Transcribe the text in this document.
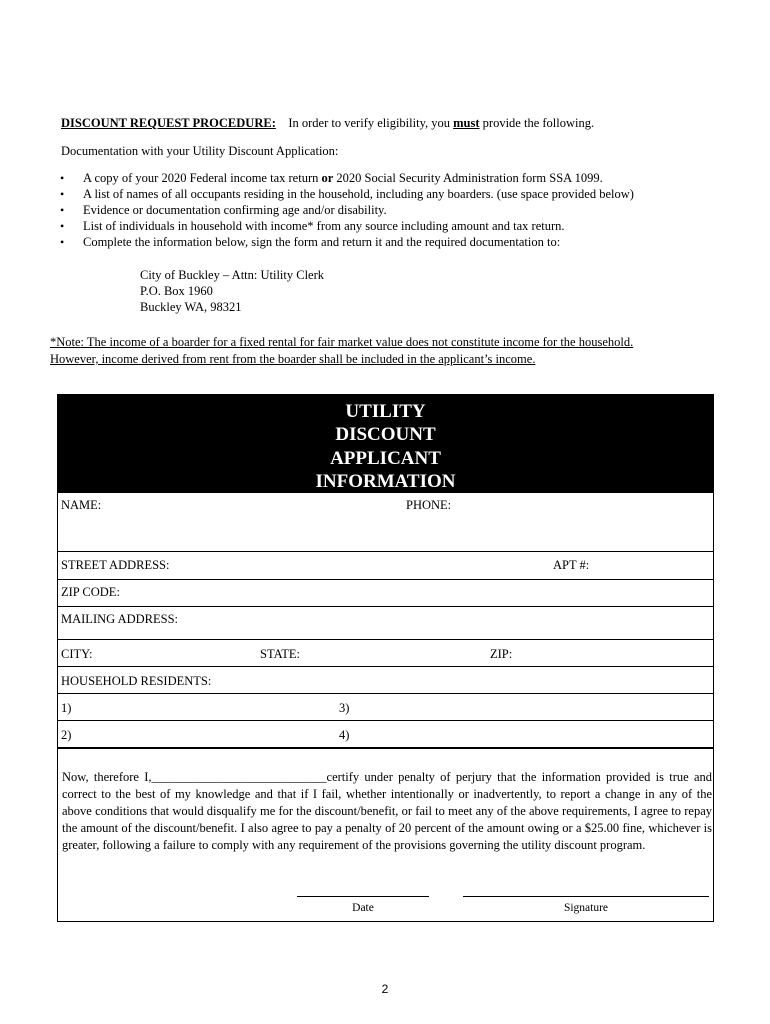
DISCOUNT REQUEST PROCEDURE: In order to verify eligibility, you must provide the following.
Documentation with your Utility Discount Application:
• A copy of your 2020 Federal income tax return or 2020 Social Security Administration form SSA 1099.
• A list of names of all occupants residing in the household, including any boarders. (use space provided below)
• Evidence or documentation confirming age and/or disability.
• List of individuals in household with income* from any source including amount and tax return.
• Complete the information below, sign the form and return it and the required documentation to:
City of Buckley – Attn: Utility Clerk
P.O. Box 1960
Buckley WA, 98321
*Note: The income of a boarder for a fixed rental for fair market value does not constitute income for the household.
However, income derived from rent from the boarder shall be included in the applicant’s income.
UTILITY
DISCOUNT
APPLICANT
INFORMATION
NAME:	PHONE:
STREET ADDRESS:	APT #:
ZIP CODE:
MAILING ADDRESS:
CITY:	STATE:	ZIP:
HOUSEHOLD RESIDENTS:
1)	3)
2)	4)
Now, therefore I,____________________________certify under penalty of perjury that the information provided is true and correct to the best of my knowledge and that if I fail, whether intentionally or inadvertently, to report a change in any of the above conditions that would disqualify me for the discount/benefit, or fail to meet any of the above requirements, I agree to repay the amount of the discount/benefit. I also agree to pay a penalty of 20 percent of the amount owing or a $25.00 fine, whichever is greater, following a failure to comply with any requirement of the provisions governing the utility discount program.
Date	Signature
2
